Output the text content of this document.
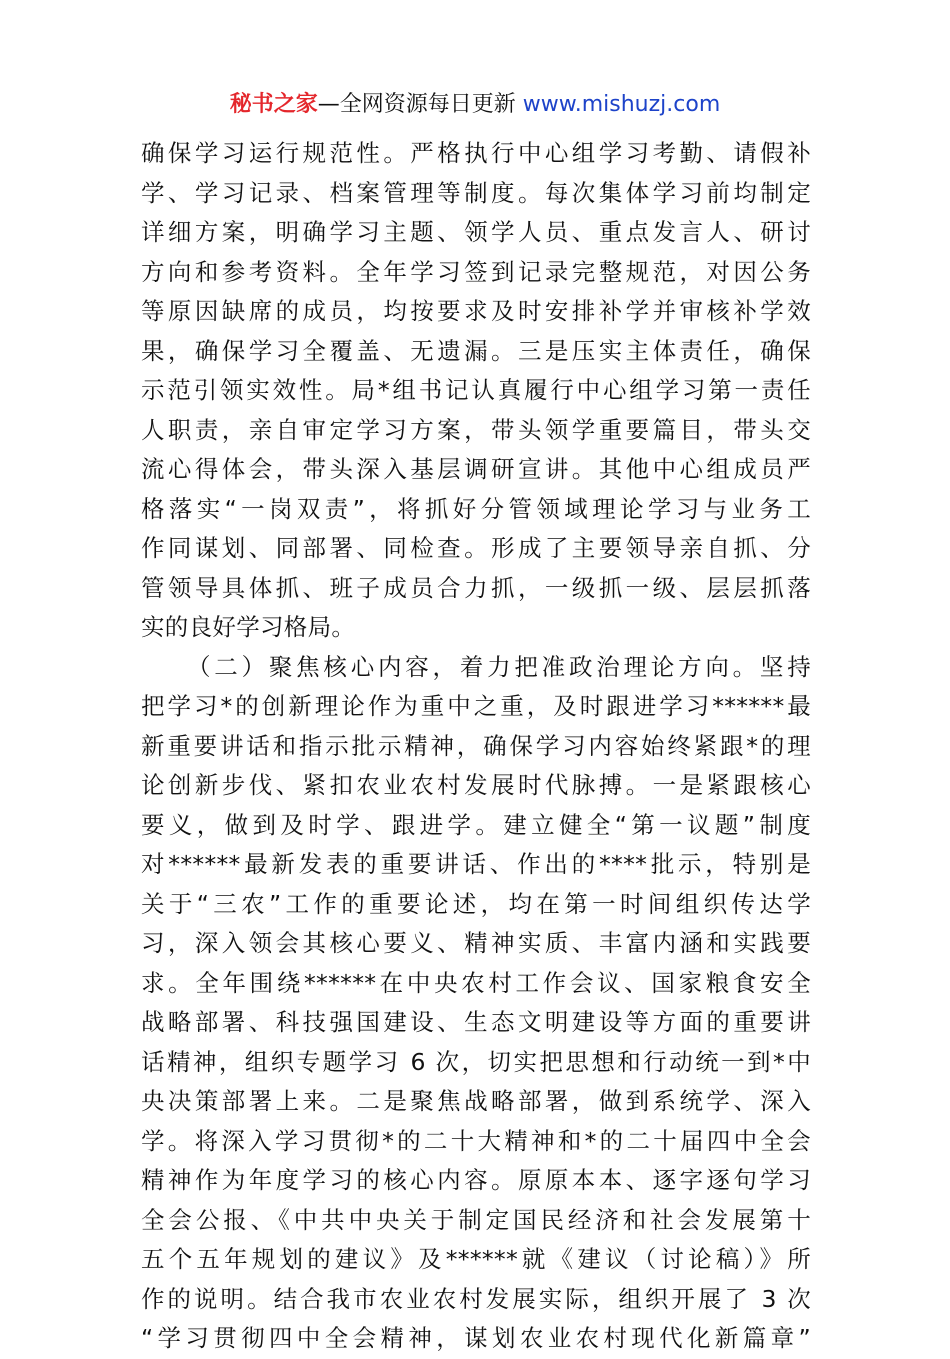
秘书之家—全网资源每日更新 www.mishuzj.com
确保学习运行规范性。严格执行中心组学习考勤、请假补
学、学习记录、档案管理等制度。每次集体学习前均制定
详细方案，明确学习主题、领学人员、重点发言人、研讨
方向和参考资料。全年学习签到记录完整规范，对因公务
等原因缺席的成员，均按要求及时安排补学并审核补学效
果，确保学习全覆盖、无遗漏。三是压实主体责任，确保
示范引领实效性。局*组书记认真履行中心组学习第一责任
人职责，亲自审定学习方案，带头领学重要篇目，带头交
流心得体会，带头深入基层调研宣讲。其他中心组成员严
格落实“一岗双责”，将抓好分管领域理论学习与业务工
作同谋划、同部署、同检查。形成了主要领导亲自抓、分
管领导具体抓、班子成员合力抓，一级抓一级、层层抓落
实的良好学习格局。
（二）聚焦核心内容，着力把准政治理论方向。坚持
把学习*的创新理论作为重中之重，及时跟进学习******最
新重要讲话和指示批示精神，确保学习内容始终紧跟*的理
论创新步伐、紧扣农业农村发展时代脉搏。一是紧跟核心
要义，做到及时学、跟进学。建立健全“第一议题”制度
对******最新发表的重要讲话、作出的****批示，特别是
关于“三农”工作的重要论述，均在第一时间组织传达学
习，深入领会其核心要义、精神实质、丰富内涵和实践要
求。全年围绕******在中央农村工作会议、国家粮食安全
战略部署、科技强国建设、生态文明建设等方面的重要讲
话精神，组织专题学习 6 次，切实把思想和行动统一到*中
央决策部署上来。二是聚焦战略部署，做到系统学、深入
学。将深入学习贯彻*的二十大精神和*的二十届四中全会
精神作为年度学习的核心内容。原原本本、逐字逐句学习
全会公报、《中共中央关于制定国民经济和社会发展第十
五个五年规划的建议》及******就《建议（讨论稿）》所
作的说明。结合我市农业农村发展实际，组织开展了 3 次
“学习贯彻四中全会精神，谋划农业农村现代化新篇章”
